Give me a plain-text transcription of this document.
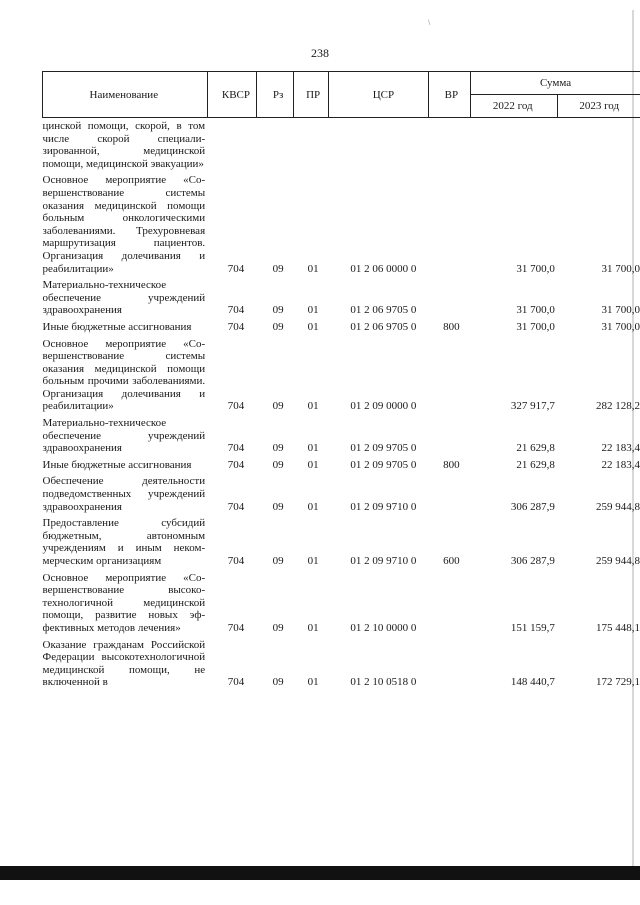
\
238
Наименование	КВСР	Рз	ПР	ЦСР	ВР	Сумма	
						2022 год	2023 год
цинской помощи, скорой, в том числе скорой специализированной, медицинской помощи, медицинской эвакуации»							
Основное мероприятие «Совершенствование системы оказания медицинской помощи больным онкологическими заболеваниями. Трехуровневая маршрутизация пациентов. Организация долечивания и реабилитации»	704	09	01	01 2 06 0000 0		31 700,0	31 700,0
Материально-техническое обеспечение учреждений здравоохранения	704	09	01	01 2 06 9705 0		31 700,0	31 700,0
Иные бюджетные ассигнования	704	09	01	01 2 06 9705 0	800	31 700,0	31 700,0
Основное мероприятие «Совершенствование системы оказания медицинской помощи больным прочими заболеваниями. Организация долечивания и реабилитации»	704	09	01	01 2 09 0000 0		327 917,7	282 128,2
Материально-техническое обеспечение учреждений здравоохранения	704	09	01	01 2 09 9705 0		21 629,8	22 183,4
Иные бюджетные ассигнования	704	09	01	01 2 09 9705 0	800	21 629,8	22 183,4
Обеспечение деятельности подведомственных учреждений здравоохранения	704	09	01	01 2 09 9710 0		306 287,9	259 944,8
Предоставление субсидий бюджетным, автономным учреждениям и иным некоммерческим организациям	704	09	01	01 2 09 9710 0	600	306 287,9	259 944,8
Основное мероприятие «Совершенствование высокотехнологичной медицинской помощи, развитие новых эффективных методов лечения»	704	09	01	01 2 10 0000 0		151 159,7	175 448,1
Оказание гражданам Российской Федерации высокотехнологичной медицинской помощи, не включенной в	704	09	01	01 2 10 0518 0		148 440,7	172 729,1
